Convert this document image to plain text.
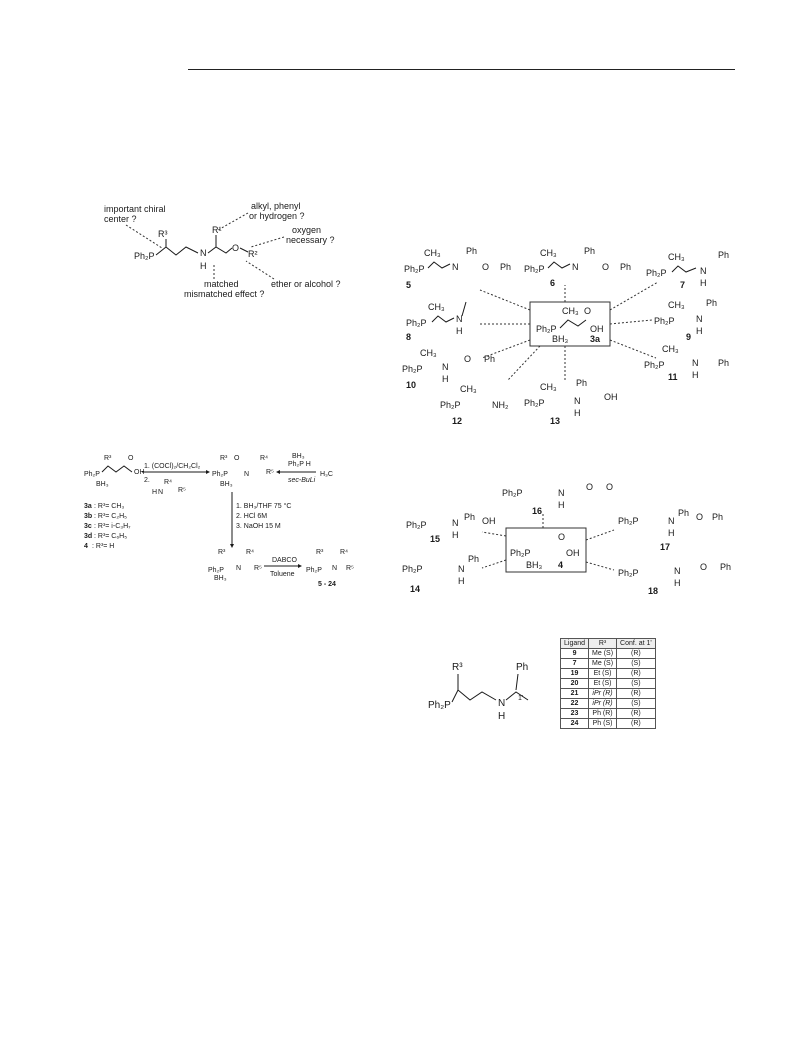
important chiral
center ?
alkyl, phenyl
or hydrogen ?
oxygen
necessary ?
ether or alcohol ?
matched
mismatched effect ?
R³	R¹
Ph₂P	N
H
O
R²
CH₃ O
Ph₂P	OH
BH₃ 3a
Ph₂P
CH₃	Ph
N	O Ph
5
CH₃
Ph₂P
Ph
N	O Ph
6
CH₃
Ph₂P
Ph
N
H
7
CH₃
Ph₂P	N
H
8
CH₃
Ph₂P
Ph
N
H
9
CH₃
Ph₂P N
H
O Ph
10
CH₃
Ph₂P	N
H
Ph
11
CH₃
Ph₂P	NH₂
12
CH₃ Ph
Ph₂P	N
H
OH
13
R³ O
Ph₂P	OH
BH₃
3a : R³= CH₃
3b : R³= C₂H₅
3c : R³= i-C₃H₇
3d : R³= C₆H₅
4 : R³= H
1. (COCl)₂/CH₂Cl₂
2. R⁴
H N R⁵
R³ O	R⁴
Ph₂P N R⁵
BH₃
BH₃
Ph₂P H
sec-BuLi
H₃C
1. BH₃/THF 75 °C
2. HCl 6M
3. NaOH 15 M
R³	R⁴
Ph₂P N R⁵
BH₃
DABCO
Toluene
R³ R⁴
Ph₂P N R⁵
5 - 24
O
Ph₂P	OH
BH₃ 4
Ph₂P	N
H
O O
16
Ph
Ph₂P	N
H
OH
15
Ph
Ph₂P	N
H
O Ph
17
Ph
Ph₂P	N
H
14
Ph₂P	N
H
O Ph
18
R³	Ph
Ph₂P	N
H
1'
Ligand	R³	Conf. at 1'
9	Me (S)	(R)
7	Me (S)	(S)
19	Et (S)	(R)
20	Et (S)	(S)
21	iPr (R)	(R)
22	iPr (R)	(S)
23	Ph (R)	(R)
24	Ph (S)	(R)
